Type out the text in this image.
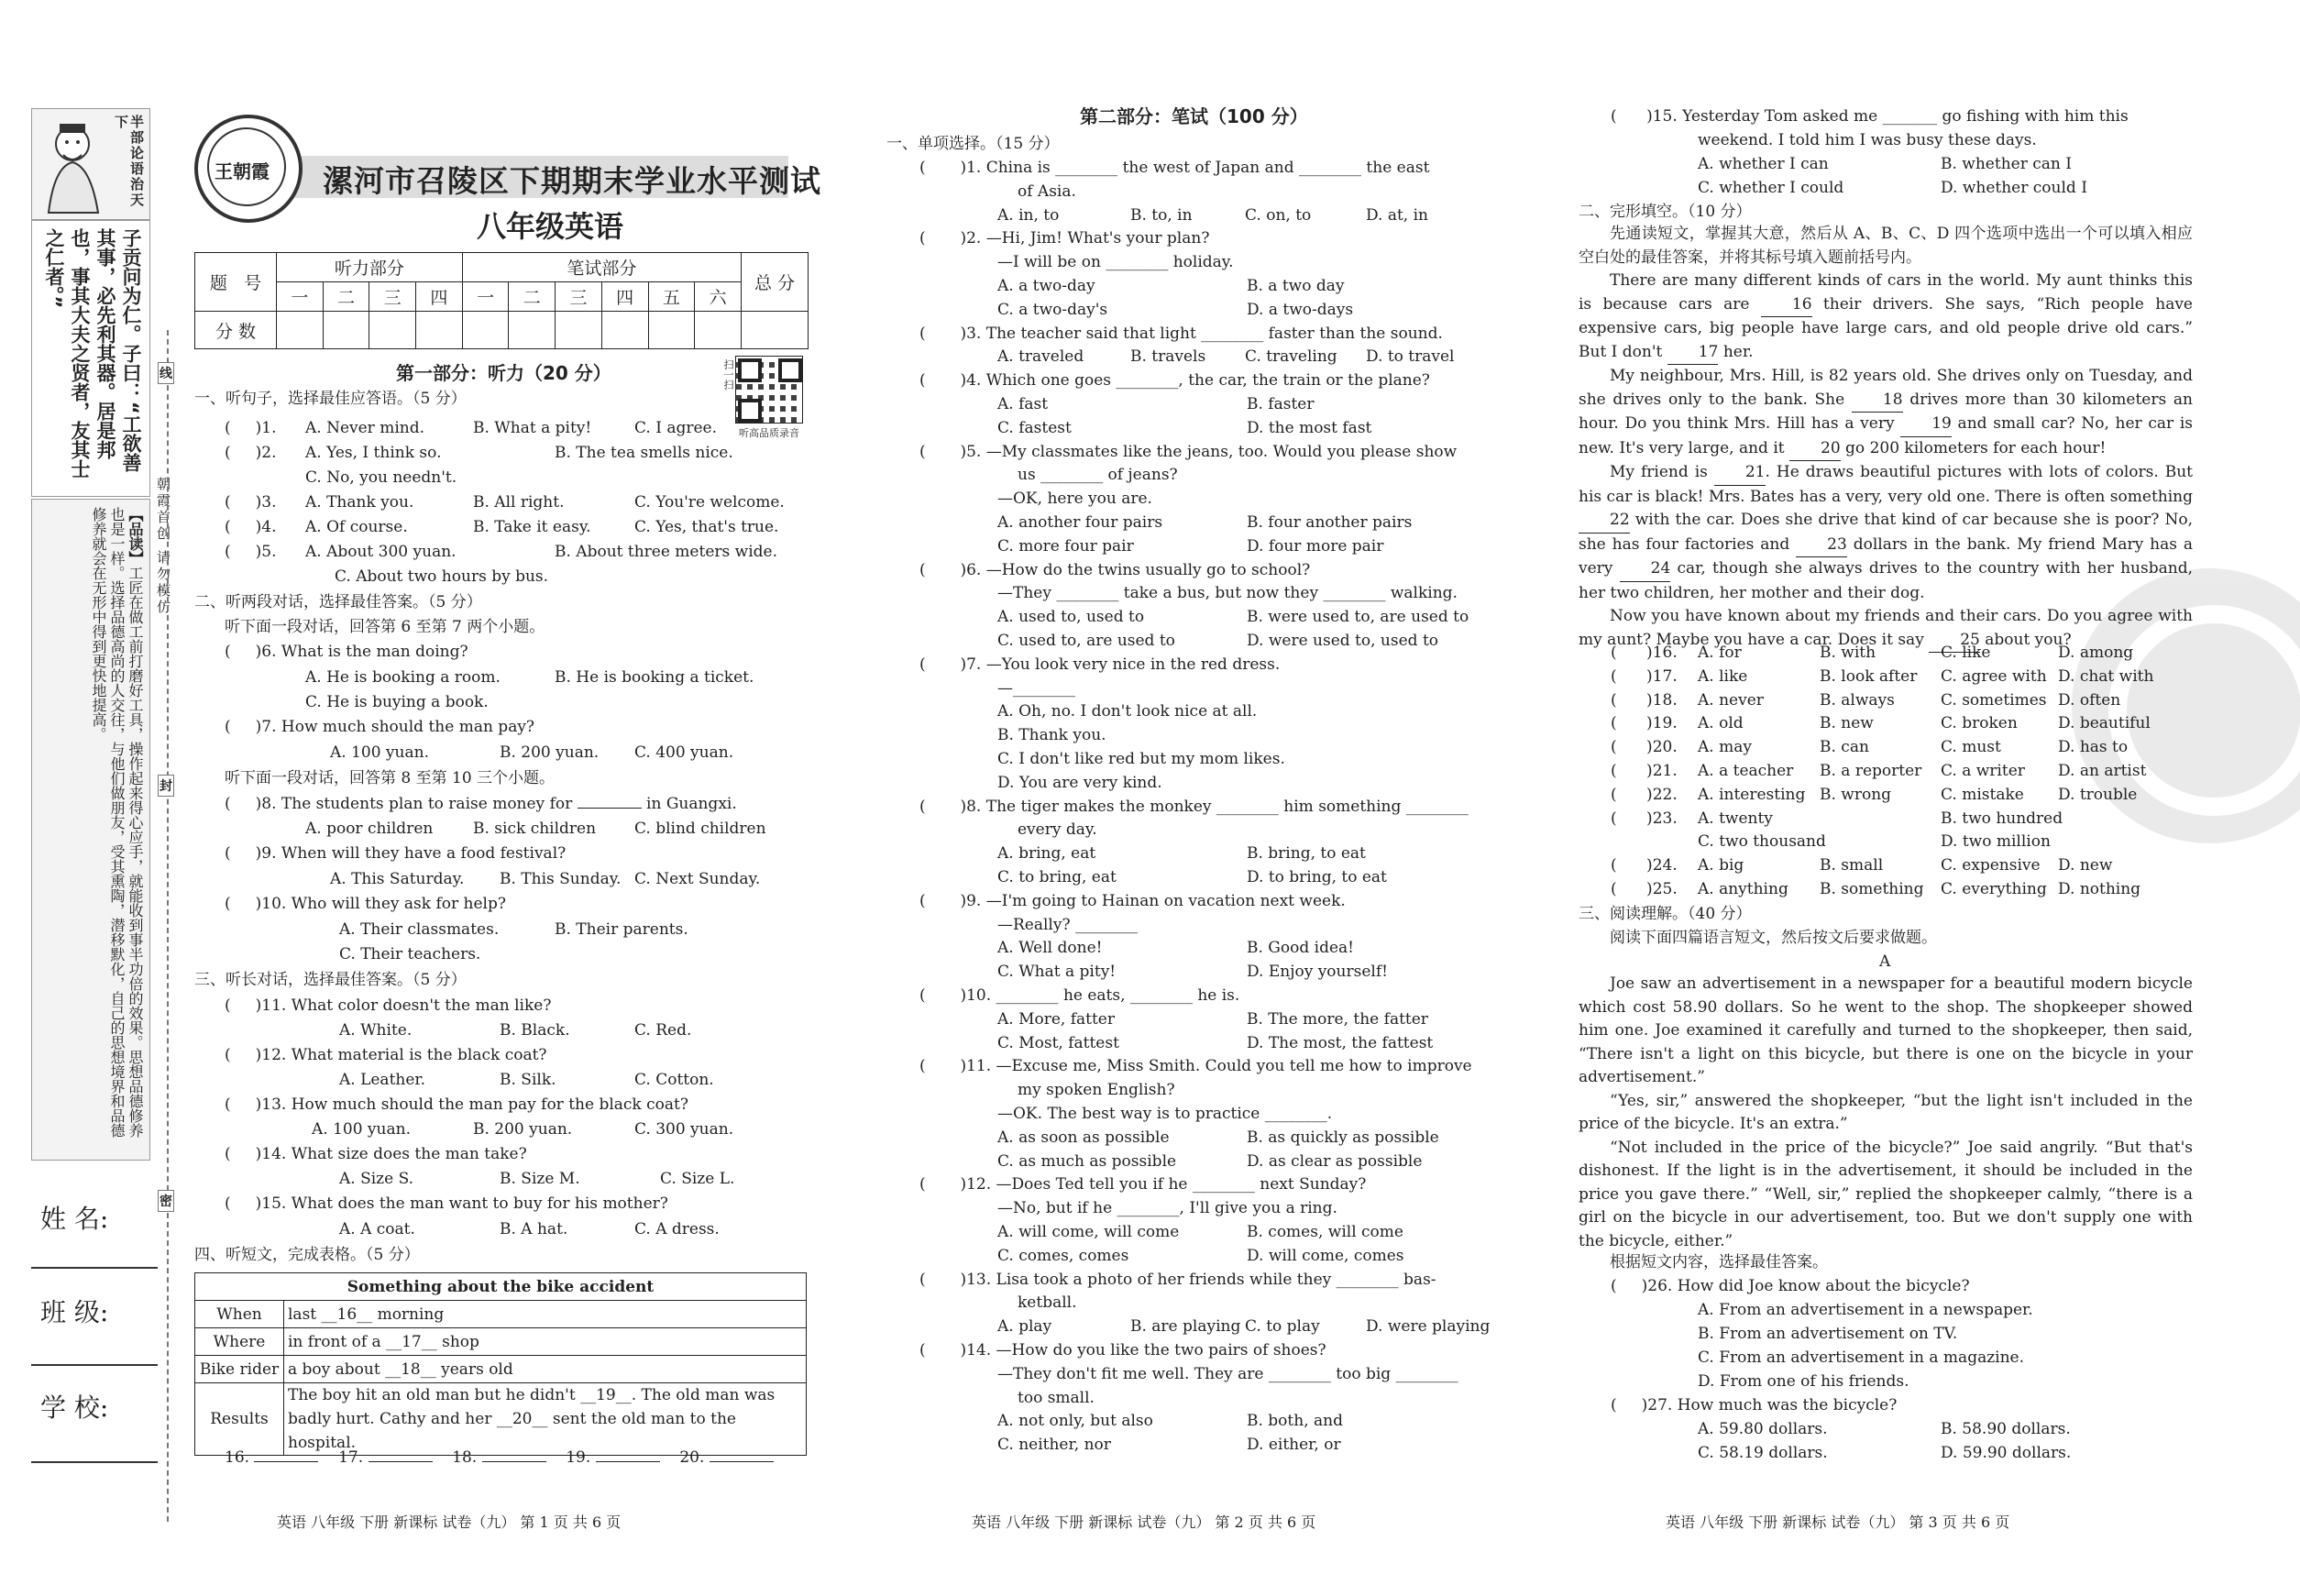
半部论语治天下
子贡问为仁。子曰：“工欲善其事，必先利其器。居是邦也，事其大夫之贤者，友其士之仁者。”
【品读】工匠在做工前打磨好工具，操作起来得心应手，就能收到事半功倍的效果。思想品德修养也是一样。选择品德高尚的人交往，与他们做朋友，受其熏陶，潜移默化，自己的思想境界和品德修养就会在无形中得到更快地提高。	朝霞首创 请勿模仿
线
封
密
姓 名:
班 级:
学 校:
王朝霞 漯河市召陵区下期期末学业水平测试
八年级英语
题 号	听力部分				笔试部分						总 分
	一	二	三	四	一	二	三	四	五	六	
分 数											
扫一扫
听高品质录音
第一部分：听力（20 分）
一、听句子，选择最佳应答语。（5 分）
(     )1. A. Never mind.	B. What a pity!	C. I agree.
(     )2. A. Yes, I think so.	B. The tea smells nice.
C. No, you needn't.
(     )3. A. Thank you.	B. All right.	C. You're welcome.
(     )4. A. Of course.	B. Take it easy.	C. Yes, that's true.
(     )5. A. About 300 yuan.	B. About three meters wide.
C. About two hours by bus.
二、听两段对话，选择最佳答案。（5 分）
听下面一段对话，回答第 6 至第 7 两个小题。
(     )6. What is the man doing?
A. He is booking a room.	B. He is booking a ticket.
C. He is buying a book.
(     )7. How much should the man pay?
A. 100 yuan.	B. 200 yuan. C. 400 yuan.
听下面一段对话，回答第 8 至第 10 三个小题。
(     )8. The students plan to raise money for	in Guangxi.
A. poor children	B. sick children C. blind children
(     )9. When will they have a food festival?
A. This Saturday. B. This Sunday. C. Next Sunday.
(     )10. Who will they ask for help?
A. Their classmates.	B. Their parents.
C. Their teachers.
三、听长对话，选择最佳答案。（5 分）
(     )11. What color doesn't the man like?
A. White.	B. Black.	C. Red.
(     )12. What material is the black coat?
A. Leather.	B. Silk.	C. Cotton.
(     )13. How much should the man pay for the black coat?
A. 100 yuan.	B. 200 yuan.	C. 300 yuan.
(     )14. What size does the man take?
A. Size S.	B. Size M.	C. Size L.
(     )15. What does the man want to buy for his mother?
A. A coat.	B. A hat.	C. A dress.
四、听短文，完成表格。（5 分）
Something about the bike accident	
When	last __16__ morning
Where	in front of a __17__ shop
Bike rider	a boy about __18__ years old
Results	The boy hit an old man but he didn't __19__. The old man was
badly hurt. Cathy and her __20__ sent the old man to the hospital.
16.	17.	18.	19.	20.
英语 八年级 下册 新课标 试卷（九） 第 1 页 共 6 页
第二部分：笔试（100 分）
一、单项选择。（15 分）
(       )1. China is ________ the west of Japan and ________ the east
of Asia.
A. in, to	B. to, in	C. on, to	D. at, in
(       )2. —Hi, Jim! What's your plan?
—I will be on ________ holiday.
A. a two-day	B. a two day
C. a two-day's	D. a two-days
(       )3. The teacher said that light ________ faster than the sound.
A. traveled	B. travels	C. traveling D. to travel
(       )4. Which one goes ________, the car, the train or the plane?
A. fast	B. faster
C. fastest	D. the most fast
(       )5. —My classmates like the jeans, too. Would you please show
us ________ of jeans?
—OK, here you are.
A. another four pairs	B. four another pairs
C. more four pair	D. four more pair
(       )6. —How do the twins usually go to school?
—They ________ take a bus, but now they ________ walking.
A. used to, used to	B. were used to, are used to
C. used to, are used to	D. were used to, used to
(       )7. —You look very nice in the red dress.
—________
A. Oh, no. I don't look nice at all.
B. Thank you.
C. I don't like red but my mom likes.
D. You are very kind.
(       )8. The tiger makes the monkey ________ him something ________
every day.
A. bring, eat	B. bring, to eat
C. to bring, eat	D. to bring, to eat
(       )9. —I'm going to Hainan on vacation next week.
—Really? ________
A. Well done!	B. Good idea!
C. What a pity!	D. Enjoy yourself!
(       )10. ________ he eats, ________ he is.
A. More, fatter	B. The more, the fatter
C. Most, fattest	D. The most, the fattest
(       )11. —Excuse me, Miss Smith. Could you tell me how to improve
my spoken English?
—OK. The best way is to practice ________.
A. as soon as possible	B. as quickly as possible
C. as much as possible	D. as clear as possible
(       )12. —Does Ted tell you if he ________ next Sunday?
—No, but if he ________, I'll give you a ring.
A. will come, will come	B. comes, will come
C. comes, comes	D. will come, comes
(       )13. Lisa took a photo of her friends while they ________ bas-
ketball.
A. play	B. are playing C. to play	D. were playing
(       )14. —How do you like the two pairs of shoes?
—They don't fit me well. They are ________ too big ________
too small.
A. not only, but also	B. both, and
C. neither, nor	D. either, or
英语 八年级 下册 新课标 试卷（九） 第 2 页 共 6 页
(      )15. Yesterday Tom asked me _______ go fishing with him this
weekend. I told him I was busy these days.
A. whether I can	B. whether can I
C. whether I could	D. whether could I
二、完形填空。（10 分）
先通读短文，掌握其大意，然后从 A、B、C、D 四个选项中选出一个可以填入相应空白处的最佳答案，并将其标号填入题前括号内。
There are many different kinds of cars in the world. My aunt thinks this is because cars are 16 their drivers. She says, “Rich people have expensive cars, big people have large cars, and old people drive old cars.” But I don't 17 her.
My neighbour, Mrs. Hill, is 82 years old. She drives only on Tuesday, and she drives only to the bank. She 18 drives more than 30 kilometers an hour. Do you think Mrs. Hill has a very 19 and small car? No, her car is new. It's very large, and it 20 go 200 kilometers for each hour!
My friend is 21. He draws beautiful pictures with lots of colors. But his car is black! Mrs. Bates has a very, very old one. There is often something 22 with the car. Does she drive that kind of car because she is poor? No, she has four factories and 23 dollars in the bank. My friend Mary has a very 24 car, though she always drives to the country with her husband, her two children, her mother and their dog.
Now you have known about my friends and their cars. Do you agree with my aunt? Maybe you have a car. Does it say 25 about you?
(      )16. A. for	B. with	C. like	D. among
(      )17. A. like	B. look after C. agree with D. chat with
(      )18. A. never	B. always	C. sometimes D. often
(      )19. A. old	B. new	C. broken	D. beautiful
(      )20. A. may	B. can	C. must	D. has to
(      )21. A. a teacher B. a reporter C. a writer D. an artist
(      )22. A. interesting B. wrong	C. mistake D. trouble
(      )23. A. twenty	B. two hundred
C. two thousand	D. two million
(      )24. A. big	B. small	C. expensive D. new
(      )25. A. anything B. something C. everything D. nothing
三、阅读理解。（40 分）
阅读下面四篇语言短文，然后按文后要求做题。
A
Joe saw an advertisement in a newspaper for a beautiful modern bicycle which cost 58.90 dollars. So he went to the shop. The shopkeeper showed him one. Joe examined it carefully and turned to the shopkeeper, then said, “There isn't a light on this bicycle, but there is one on the bicycle in your advertisement.”
“Yes, sir,” answered the shopkeeper, “but the light isn't included in the price of the bicycle. It's an extra.”
“Not included in the price of the bicycle?” Joe said angrily. “But that's dishonest. If the light is in the advertisement, it should be included in the price you gave there.” “Well, sir,” replied the shopkeeper calmly, “there is a girl on the bicycle in our advertisement, too. But we don't supply one with the bicycle, either.”
根据短文内容，选择最佳答案。
(     )26. How did Joe know about the bicycle?
A. From an advertisement in a newspaper.
B. From an advertisement on TV.
C. From an advertisement in a magazine.
D. From one of his friends.
(     )27. How much was the bicycle?
A. 59.80 dollars.	B. 58.90 dollars.
C. 58.19 dollars.	D. 59.90 dollars.
英语 八年级 下册 新课标 试卷（九） 第 3 页 共 6 页
